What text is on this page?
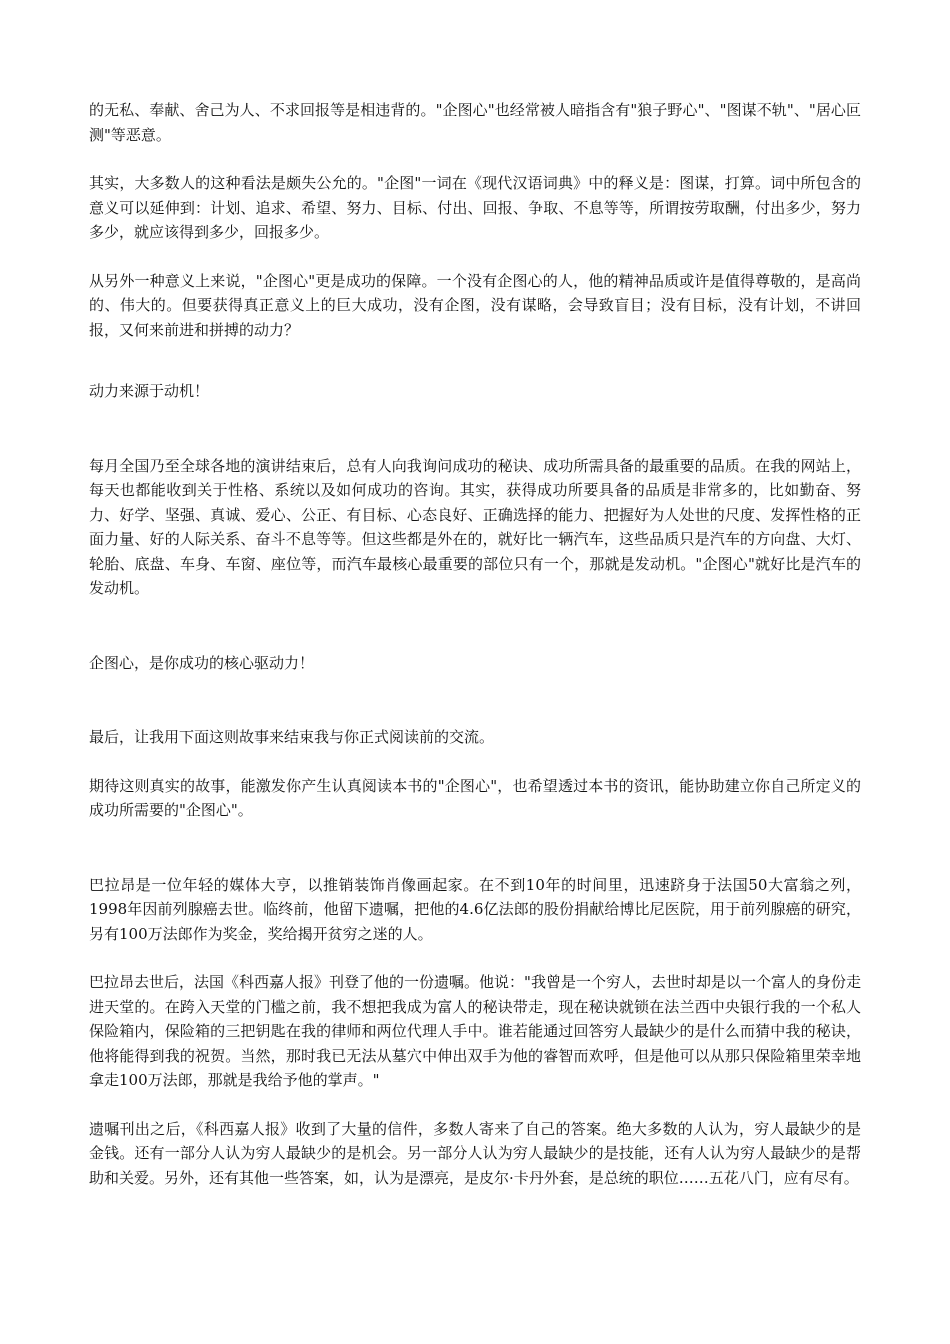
的无私、奉献、舍己为人、不求回报等是相违背的。"企图心"也经常被人暗指含有"狼子野心"、"图谋不轨"、"居心叵测"等恶意。

其实，大多数人的这种看法是颇失公允的。"企图"一词在《现代汉语词典》中的释义是：图谋，打算。词中所包含的意义可以延伸到：计划、追求、希望、努力、目标、付出、回报、争取、不息等等，所谓按劳取酬，付出多少，努力多少，就应该得到多少，回报多少。

从另外一种意义上来说，"企图心"更是成功的保障。一个没有企图心的人，他的精神品质或许是值得尊敬的，是高尚的、伟大的。但要获得真正意义上的巨大成功，没有企图，没有谋略，会导致盲目；没有目标，没有计划，不讲回报，又何来前进和拼搏的动力？

动力来源于动机！

每月全国乃至全球各地的演讲结束后，总有人向我询问成功的秘诀、成功所需具备的最重要的品质。在我的网站上，每天也都能收到关于性格、系统以及如何成功的咨询。其实，获得成功所要具备的品质是非常多的，比如勤奋、努力、好学、坚强、真诚、爱心、公正、有目标、心态良好、正确选择的能力、把握好为人处世的尺度、发挥性格的正面力量、好的人际关系、奋斗不息等等。但这些都是外在的，就好比一辆汽车，这些品质只是汽车的方向盘、大灯、轮胎、底盘、车身、车窗、座位等，而汽车最核心最重要的部位只有一个，那就是发动机。"企图心"就好比是汽车的发动机。

企图心，是你成功的核心驱动力！

最后，让我用下面这则故事来结束我与你正式阅读前的交流。

期待这则真实的故事，能激发你产生认真阅读本书的"企图心"，也希望透过本书的资讯，能协助建立你自己所定义的成功所需要的"企图心"。

巴拉昂是一位年轻的媒体大亨，以推销装饰肖像画起家。在不到10年的时间里，迅速跻身于法国50大富翁之列，1998年因前列腺癌去世。临终前，他留下遗嘱，把他的4.6亿法郎的股份捐献给博比尼医院，用于前列腺癌的研究，另有100万法郎作为奖金，奖给揭开贫穷之迷的人。

巴拉昂去世后，法国《科西嘉人报》刊登了他的一份遗嘱。他说："我曾是一个穷人，去世时却是以一个富人的身份走进天堂的。在跨入天堂的门槛之前，我不想把我成为富人的秘诀带走，现在秘诀就锁在法兰西中央银行我的一个私人保险箱内，保险箱的三把钥匙在我的律师和两位代理人手中。谁若能通过回答穷人最缺少的是什么而猜中我的秘诀，他将能得到我的祝贺。当然，那时我已无法从墓穴中伸出双手为他的睿智而欢呼，但是他可以从那只保险箱里荣幸地拿走100万法郎，那就是我给予他的掌声。"

遗嘱刊出之后，《科西嘉人报》收到了大量的信件，多数人寄来了自己的答案。绝大多数的人认为，穷人最缺少的是金钱。还有一部分人认为穷人最缺少的是机会。另一部分人认为穷人最缺少的是技能，还有人认为穷人最缺少的是帮助和关爱。另外，还有其他一些答案，如，认为是漂亮，是皮尔·卡丹外套，是总统的职位……五花八门，应有尽有。
